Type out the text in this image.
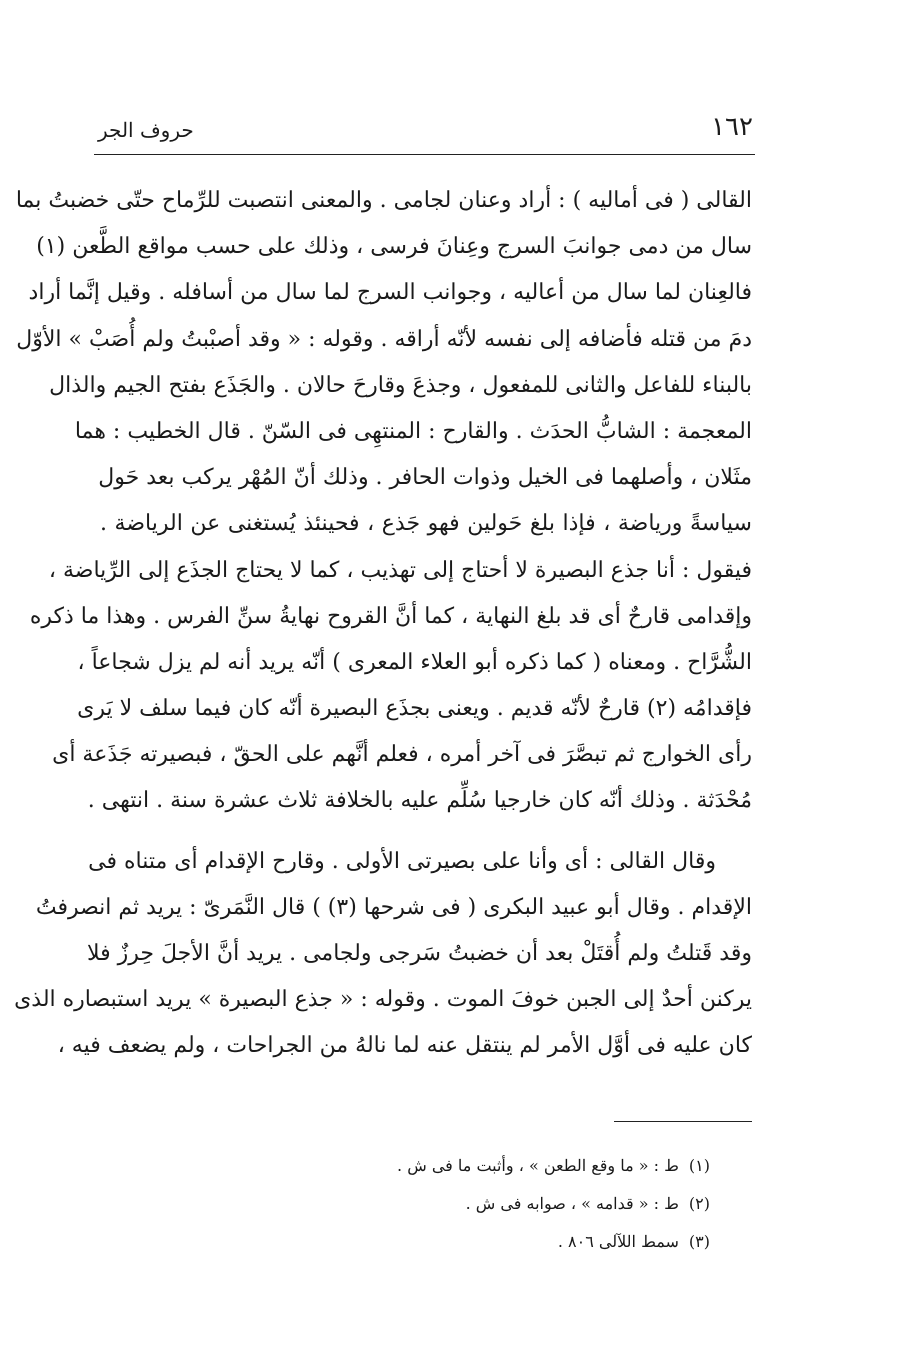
١٦٢
حروف الجر
القالى ( فى أماليه ) : أراد وعنان لجامى . والمعنى انتصبت للرِّماح حتّى خضبتُ بما
سال من دمى جوانبَ السرج وعِنانَ فرسى ، وذلك على حسب مواقع الطَّعن (١)
فالعِنان لما سال من أعاليه ، وجوانب السرج لما سال من أسافله . وقيل إنَّما أراد
دمَ من قتله فأضافه إلى نفسه لأنّه أراقه . وقوله : « وقد أصبْبتُ ولم أُصَبْ » الأوّل
بالبناء للفاعل والثانى للمفعول ، وجذعَ وقارحَ حالان . والجَذَع بفتح الجيم والذال
المعجمة : الشابُّ الحدَث . والقارح : المنتهِى فى السّنّ . قال الخطيب : هما
مثَلان ، وأصلهما فى الخيل وذوات الحافر . وذلك أنّ المُهْر يركب بعد حَول
سياسةً ورياضة ، فإذا بلغ حَولين فهو جَذع ، فحينئذ يُستغنى عن الرياضة .
فيقول : أنا جذع البصيرة لا أحتاج إلى تهذيب ، كما لا يحتاج الجذَع إلى الرِّياضة ،
وإقدامى قارحٌ أى قد بلغ النهاية ، كما أنَّ القروح نهايةُ سنِّ الفرس . وهذا ما ذكره
الشُّرَّاح . ومعناه ( كما ذكره أبو العلاء المعرى ) أنّه يريد أنه لم يزل شجاعاً ،
فإقدامُه (٢) قارحٌ لأنّه قديم . ويعنى بجذَع البصيرة أنّه كان فيما سلف لا يَرى
رأى الخوارج ثم تبصَّرَ فى آخر أمره ، فعلم أنَّهم على الحقّ ، فبصيرته جَذَعة أى
مُحْدَثة . وذلك أنّه كان خارجيا سُلِّم عليه بالخلافة ثلاث عشرة سنة . انتهى .
وقال القالى : أى وأنا على بصيرتى الأولى . وقارح الإقدام أى متناه فى
الإقدام . وقال أبو عبيد البكرى ( فى شرحها (٣) ) قال النَّمَرىّ : يريد ثم انصرفتُ
وقد قَتلتُ ولم أُقتَلْ بعد أن خضبتُ سَرجى ولجامى . يريد أنَّ الأجلَ حِرزٌ فلا
يركنن أحدٌ إلى الجبن خوفَ الموت . وقوله : « جذع البصيرة » يريد استبصاره الذى
كان عليه فى أوَّل الأمر لم ينتقل عنه لما نالهُ من الجراحات ، ولم يضعف فيه ،
(١)ط : « ما وقع الطعن » ، وأثبت ما فى ش .
(٢)ط : « قدامه » ، صوابه فى ش .
(٣)سمط اللآلى ٨٠٦ .
